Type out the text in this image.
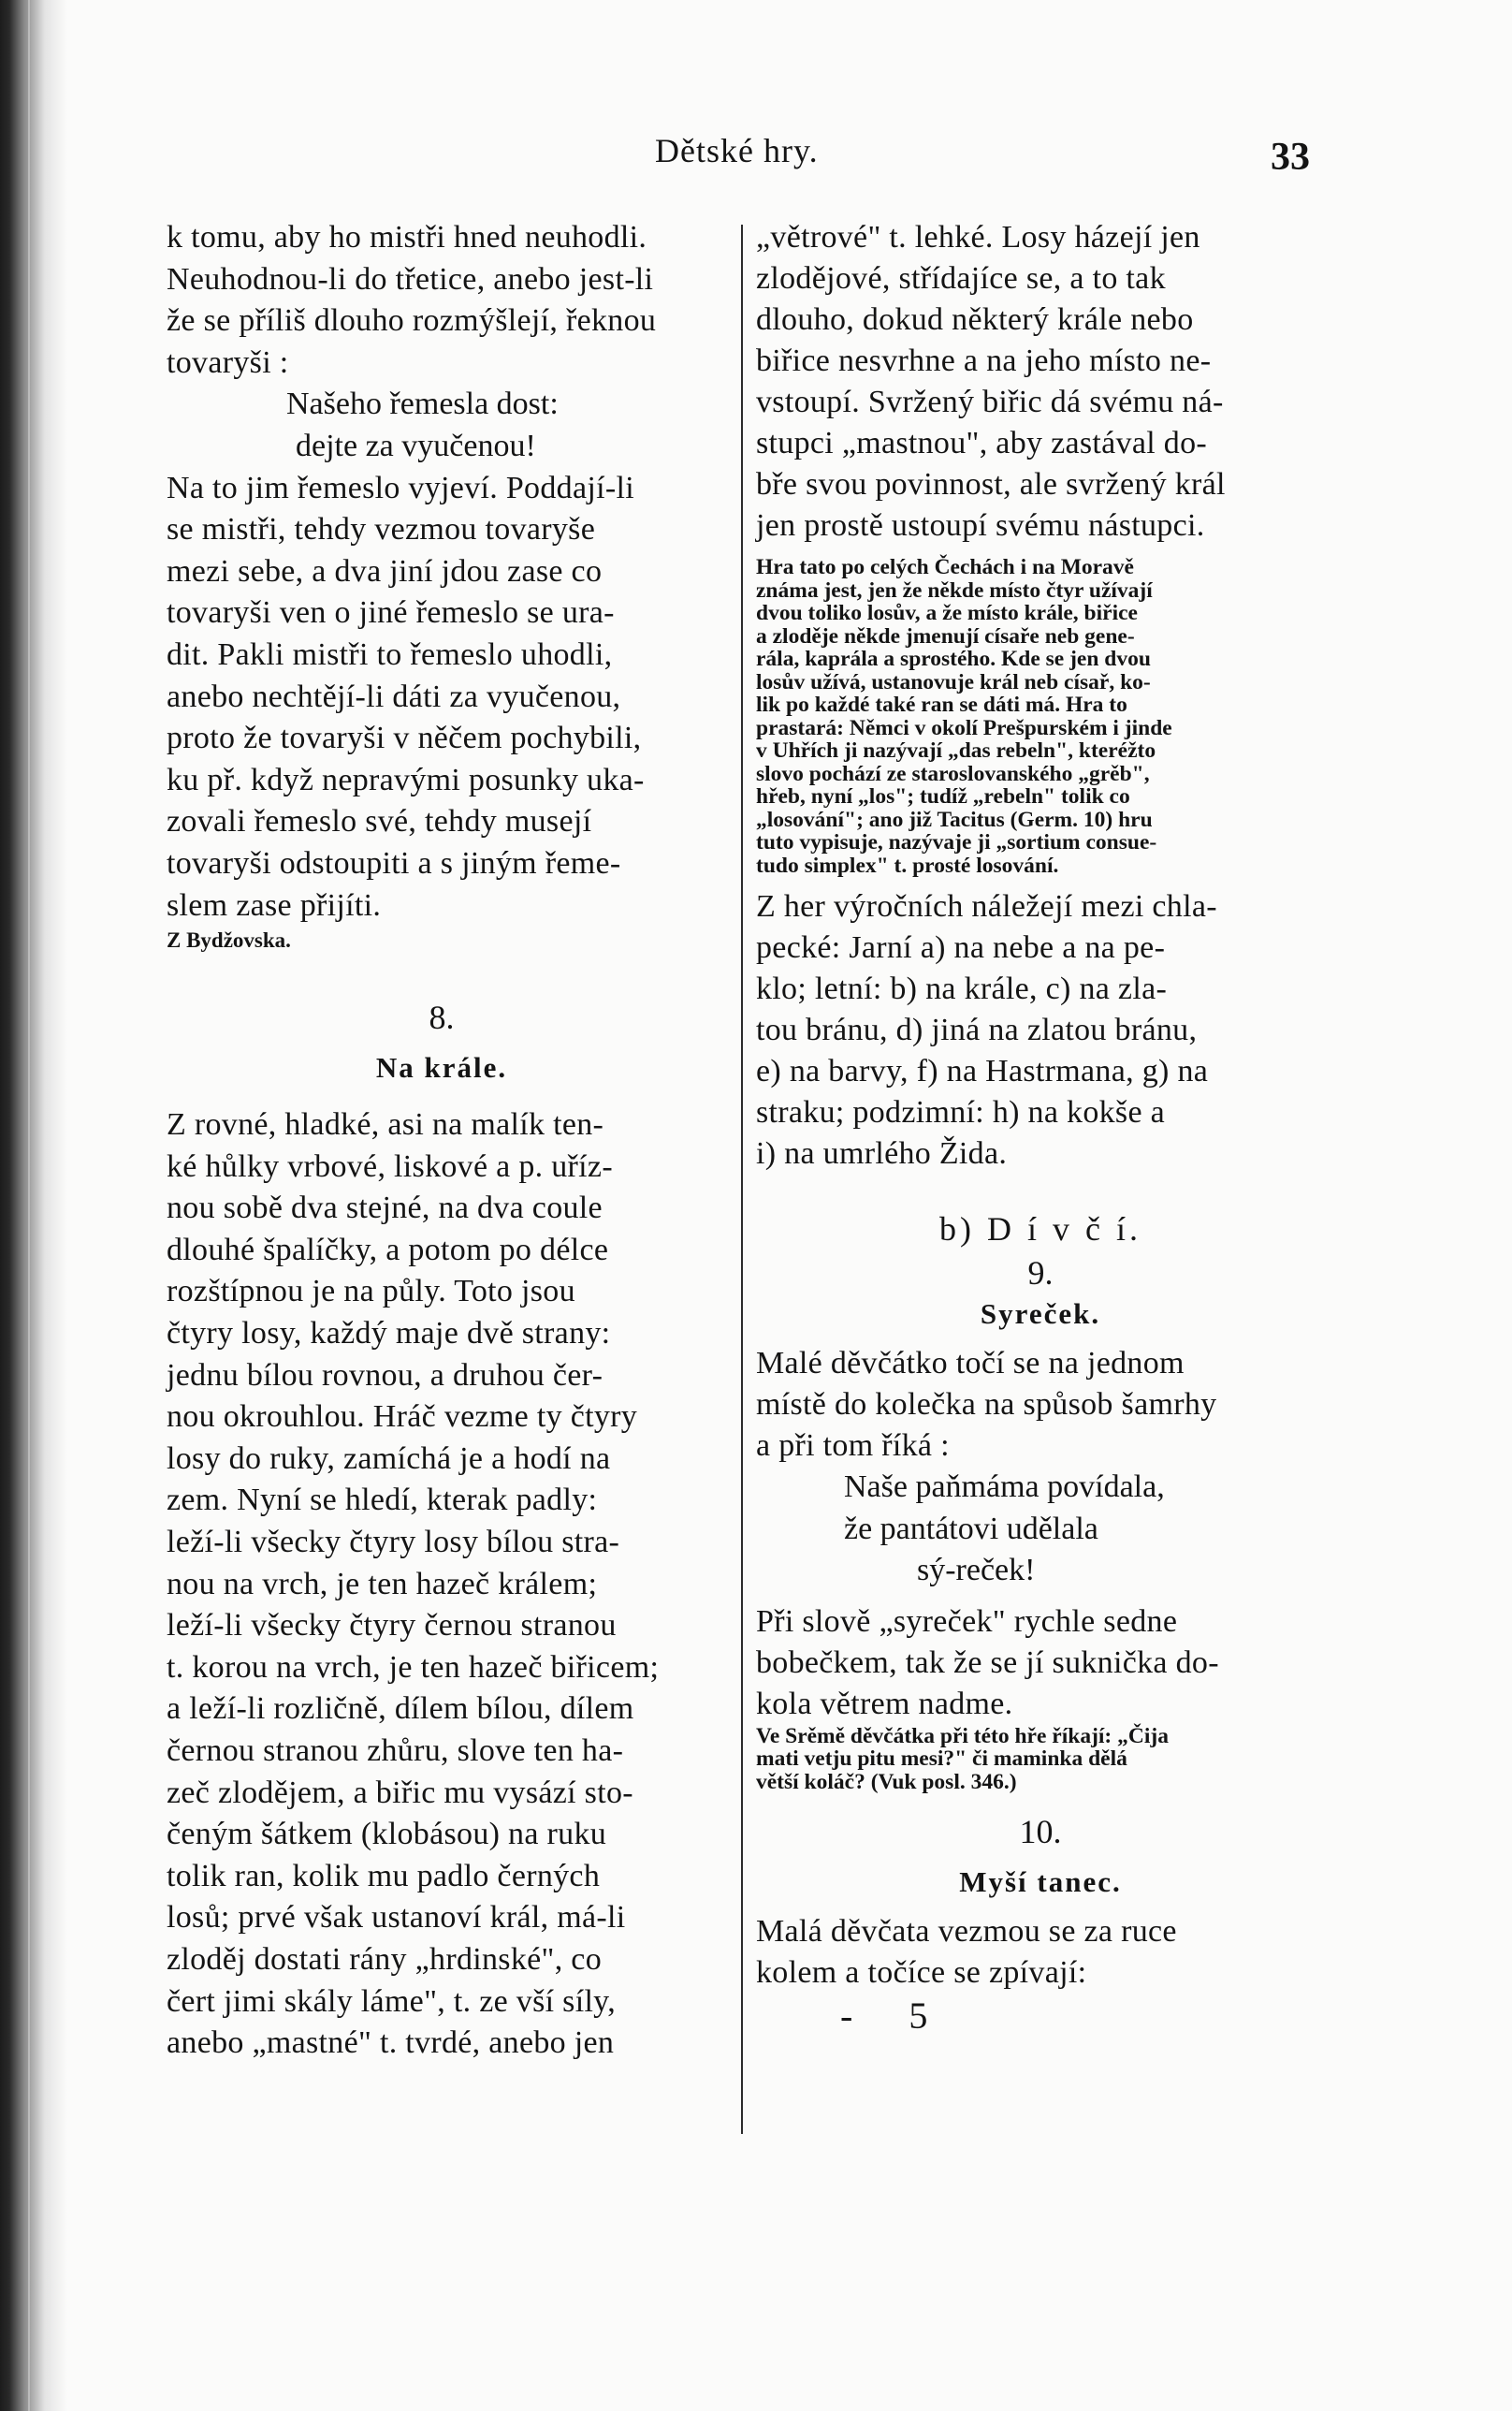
Dětské hry.	33
k tomu, aby ho mistři hned neuhodli.
Neuhodnou-li do třetice, anebo jest-li
že se příliš dlouho rozmýšlejí, řeknou
tovaryši :
Našeho řemesla dost:
dejte za vyučenou!
Na to jim řemeslo vyjeví. Poddají-li
se mistři, tehdy vezmou tovaryše
mezi sebe, a dva jiní jdou zase co
tovaryši ven o jiné řemeslo se ura-
dit. Pakli mistři to řemeslo uhodli,
anebo nechtějí-li dáti za vyučenou,
proto že tovaryši v něčem pochybili,
ku př. když nepravými posunky uka-
zovali řemeslo své, tehdy musejí
tovaryši odstoupiti a s jiným řeme-
slem zase přijíti.
Z Bydžovska.
8.
Na krále.
Z rovné, hladké, asi na malík ten-
ké hůlky vrbové, liskové a p. uříz-
nou sobě dva stejné, na dva coule
dlouhé špalíčky, a potom po délce
rozštípnou je na půly. Toto jsou
čtyry losy, každý maje dvě strany:
jednu bílou rovnou, a druhou čer-
nou okrouhlou. Hráč vezme ty čtyry
losy do ruky, zamíchá je a hodí na
zem. Nyní se hledí, kterak padly:
leží-li všecky čtyry losy bílou stra-
nou na vrch, je ten hazeč králem;
leží-li všecky čtyry černou stranou
t. korou na vrch, je ten hazeč biřicem;
a leží-li rozličně, dílem bílou, dílem
černou stranou zhůru, slove ten ha-
zeč zlodějem, a biřic mu vysází sto-
čeným šátkem (klobásou) na ruku
tolik ran, kolik mu padlo černých
losů; prvé však ustanoví král, má-li
zloděj dostati rány „hrdinské", co
čert jimi skály láme", t. ze vší síly,
anebo „mastné" t. tvrdé, anebo jen
„větrové" t. lehké. Losy házejí jen
zlodějové, střídajíce se, a to tak
dlouho, dokud některý krále nebo
biřice nesvrhne a na jeho místo ne-
vstoupí. Svržený biřic dá svému ná-
stupci „mastnou", aby zastával do-
bře svou povinnost, ale svržený král
jen prostě ustoupí svému nástupci.
Hra tato po celých Čechách i na Moravě
známa jest, jen že někde místo čtyr užívají
dvou toliko losův, a že místo krále, biřice
a zloděje někde jmenují císaře neb gene-
rála, kaprála a sprostého. Kde se jen dvou
losův užívá, ustanovuje král neb císař, ko-
lik po každé také ran se dáti má. Hra to
prastará: Němci v okolí Prešpurském i jinde
v Uhřích ji nazývají „das rebeln", kteréžto
slovo pochází ze staroslovanského „grěb",
hřeb, nyní „los"; tudíž „rebeln" tolik co
„losování"; ano již Tacitus (Germ. 10) hru
tuto vypisuje, nazývaje ji „sortium consue-
tudo simplex" t. prosté losování.
Z her výročních náležejí mezi chla-
pecké: Jarní a) na nebe a na pe-
klo; letní: b) na krále, c) na zla-
tou bránu, d) jiná na zlatou bránu,
e) na barvy, f) na Hastrmana, g) na
straku; podzimní: h) na kokše a
i) na umrlého Žida.
b) D í v č í.
9.
Syreček.
Malé děvčátko točí se na jednom
místě do kolečka na spůsob šamrhy
a při tom říká :
Naše paňmáma povídala,
že pantátovi udělala
sý-reček!
Při slově „syreček" rychle sedne
bobečkem, tak že se jí suknička do-
kola větrem nadme.
Ve Srěmě děvčátka při této hře říkají: „Čija
mati vetju pitu mesi?" či maminka dělá
větší koláč? (Vuk posl. 346.)
10.
Myší tanec.
Malá děvčata vezmou se za ruce
kolem a točíce se zpívají:
-      5
